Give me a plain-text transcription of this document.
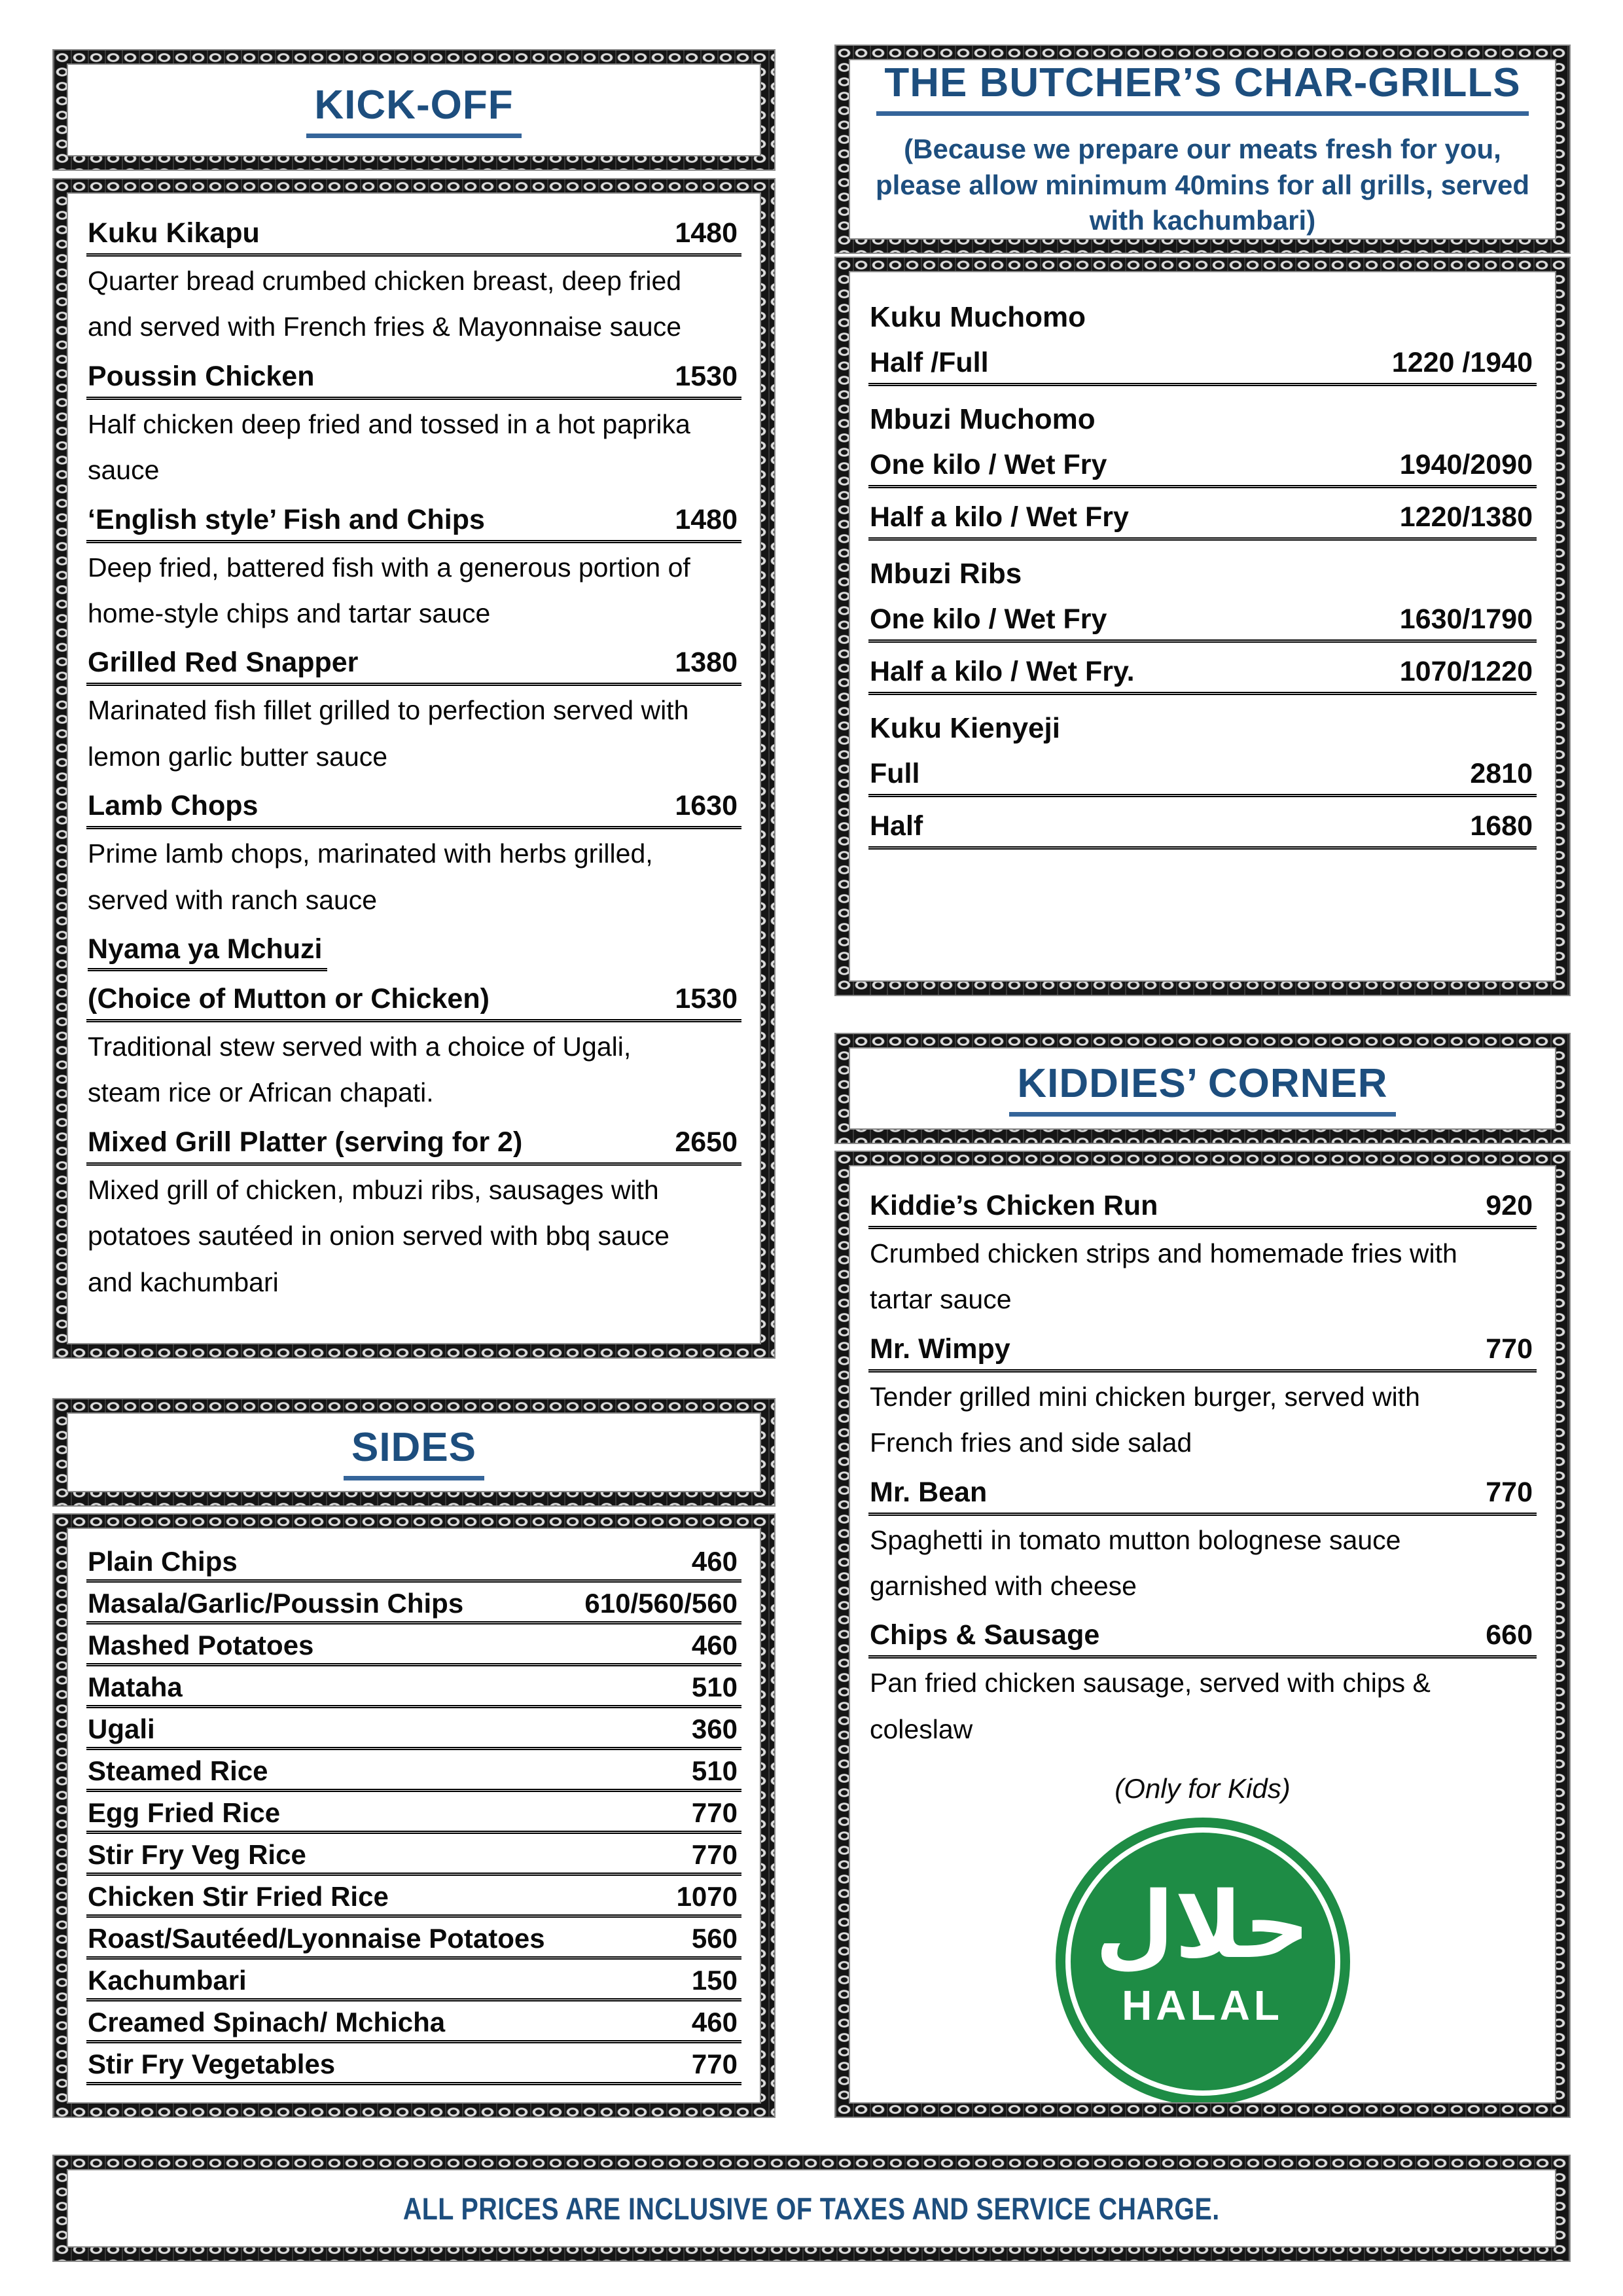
KICK-OFF
Kuku Kikapu	1480
Quarter bread crumbed chicken breast, deep fried
and served with French fries & Mayonnaise sauce
Poussin Chicken	1530
Half chicken deep fried and tossed in a hot paprika
sauce
‘English style’ Fish and Chips	1480
Deep fried, battered fish with a generous portion of
home-style chips and tartar sauce
Grilled Red Snapper	1380
Marinated fish fillet grilled to perfection served with
lemon garlic butter sauce
Lamb Chops	1630
Prime lamb chops, marinated with herbs grilled,
served with ranch sauce
Nyama ya Mchuzi
(Choice of Mutton or Chicken)	1530
Traditional stew served with a choice of Ugali,
steam rice or African chapati.
Mixed Grill Platter (serving for 2)	2650
Mixed grill of chicken, mbuzi ribs, sausages with
potatoes sautéed in onion served with bbq sauce
and kachumbari
SIDES
Plain Chips	460
Masala/Garlic/Poussin Chips	610/560/560
Mashed Potatoes	460
Mataha	510
Ugali	360
Steamed Rice	510
Egg Fried Rice	770
Stir Fry Veg Rice	770
Chicken Stir Fried Rice	1070
Roast/Sautéed/Lyonnaise Potatoes	560
Kachumbari	150
Creamed Spinach/ Mchicha	460
Stir Fry Vegetables	770
THE BUTCHER’S CHAR-GRILLS
(Because we prepare our meats fresh for you,
please allow minimum 40mins for all grills, served
with kachumbari)
Kuku Muchomo
Half /Full	1220 /1940
Mbuzi Muchomo
One kilo / Wet Fry	1940/2090
Half a kilo / Wet Fry	1220/1380
Mbuzi Ribs
One kilo / Wet Fry	1630/1790
Half a kilo / Wet Fry.	1070/1220
Kuku Kienyeji
Full	2810
Half	1680
KIDDIES’ CORNER
Kiddie’s Chicken Run	920
Crumbed chicken strips and homemade fries with
tartar sauce
Mr. Wimpy	770
Tender grilled mini chicken burger, served with
French fries and side salad
Mr. Bean	770
Spaghetti in tomato mutton bolognese sauce
garnished with cheese
Chips & Sausage	660
Pan fried chicken sausage, served with chips &
coleslaw
(Only for Kids)
حلال
HALAL
ALL PRICES ARE INCLUSIVE OF TAXES AND SERVICE CHARGE.
